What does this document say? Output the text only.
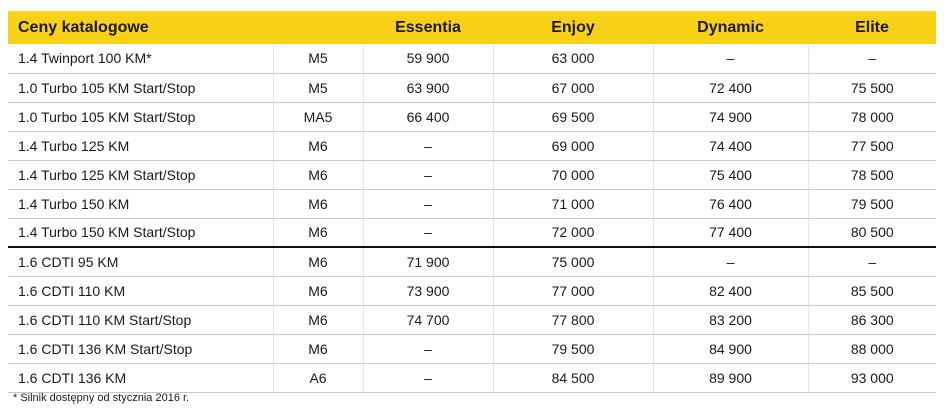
Ceny katalogowe		Essentia	Enjoy	Dynamic	Elite
1.4 Twinport 100 KM*	M5	59 900	63 000	–	–
1.0 Turbo 105 KM Start/Stop	M5	63 900	67 000	72 400	75 500
1.0 Turbo 105 KM Start/Stop	MA5	66 400	69 500	74 900	78 000
1.4 Turbo 125 KM	M6	–	69 000	74 400	77 500
1.4 Turbo 125 KM Start/Stop	M6	–	70 000	75 400	78 500
1.4 Turbo 150 KM	M6	–	71 000	76 400	79 500
1.4 Turbo 150 KM Start/Stop	M6	–	72 000	77 400	80 500
1.6 CDTI 95 KM	M6	71 900	75 000	–	–
1.6 CDTI 110 KM	M6	73 900	77 000	82 400	85 500
1.6 CDTI 110 KM Start/Stop	M6	74 700	77 800	83 200	86 300
1.6 CDTI 136 KM Start/Stop	M6	–	79 500	84 900	88 000
1.6 CDTI 136 KM	A6	–	84 500	89 900	93 000
* Silnik dostępny od stycznia 2016 r.
